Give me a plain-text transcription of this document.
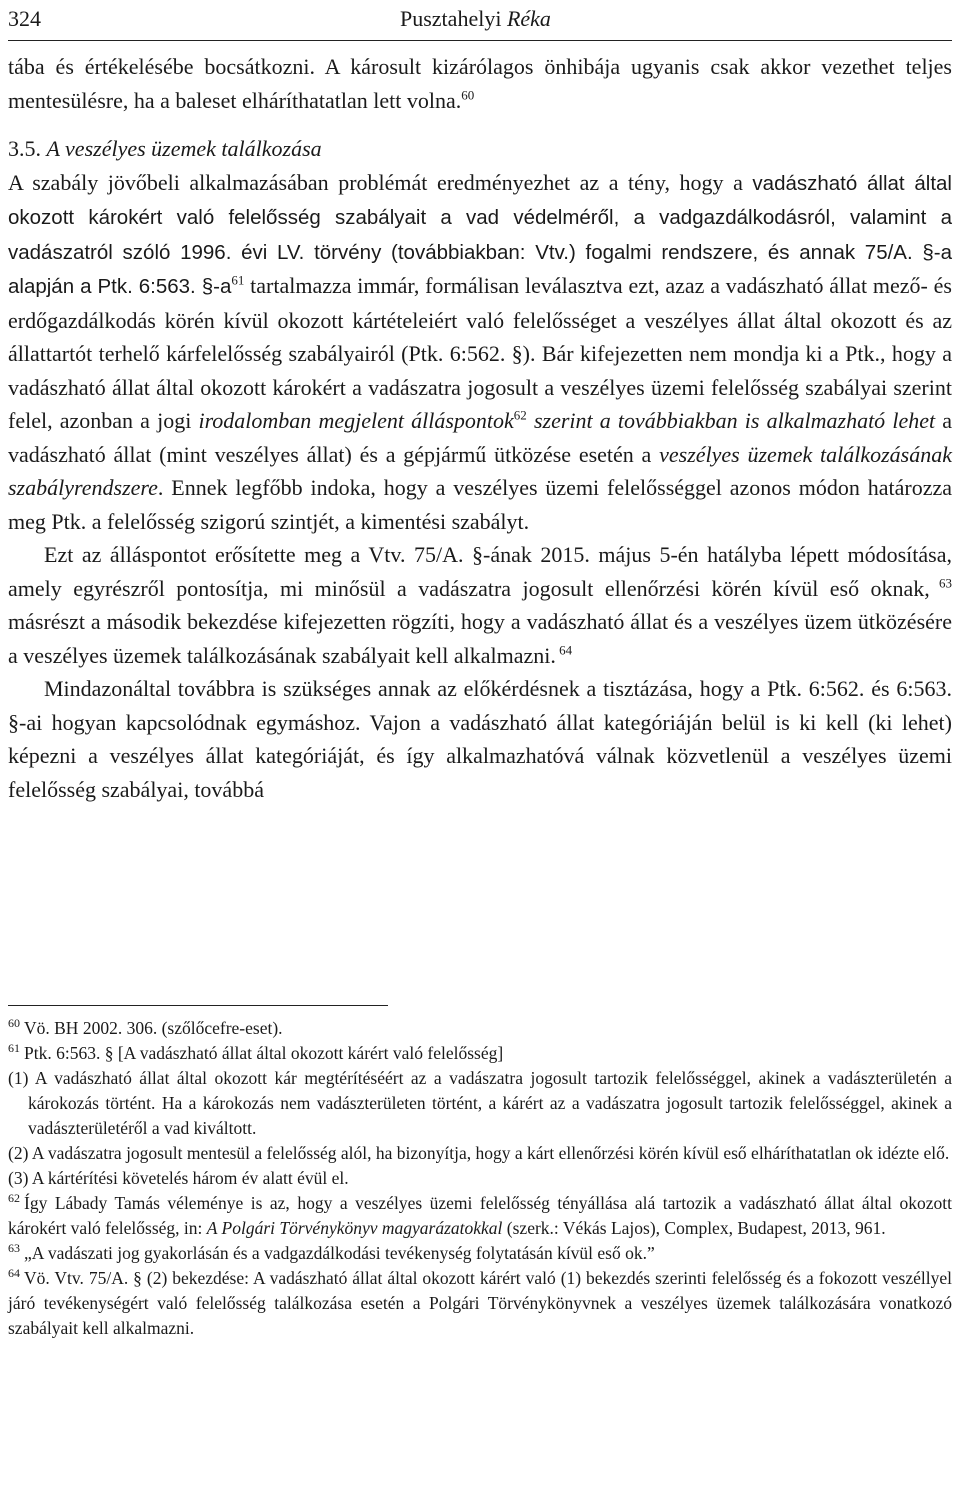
324	Pusztahelyi Réka

tába és értékelésébe bocsátkozni. A károsult kizárólagos önhibája ugyanis csak akkor vezethet teljes mentesülésre, ha a baleset elháríthatatlan lett volna.$^{60}$

3.5. A veszélyes üzemek találkozása

A szabály jövőbeli alkalmazásában problémát eredményezhet az a tény, hogy a vadászható állat által okozott károkért való felelősség szabályait a vad védelméről, a vadgazdálkodásról, valamint a vadászatról szóló 1996. évi LV. törvény (továbbiakban: Vtv.) fogalmi rendszere, és annak 75/A. §-a alapján a Ptk. 6:563. $\S-a^{61}$ tartalmazza immár, formálisan leválasztva ezt, azaz a vadászható állat mező- és erdőgazdálkodás körén kívül okozott kártételeiért való felelősséget a veszélyes állat által okozott és az állattartót terhelő kárfelelősség szabályairól (Ptk. 6:562. §). Bár kifejezetten nem mondja ki a Ptk., hogy a vadászható állat által okozott károkért a vadászatra jogosult a veszélyes üzemi felelősség szabályai szerint felel, azonban a jogi irodalomban megjelent álláspontok$^{62}$ szerint a továbbiakban is alkalmazható lehet a vadászható állat (mint veszélyes állat) és a gépjármű ütközése esetén a veszélyes üzemek találkozásának szabályrendszere. Ennek legfőbb indoka, hogy a veszélyes üzemi felelősséggel azonos módon határozza meg Ptk. a felelősség szigorú szintjét, a kimentési szabályt.

Ezt az álláspontot erősítette meg a Vtv. 75/A. §-ának 2015. május 5-én hatályba lépett módosítása, amely egyrészről pontosítja, mi minősül a vadászatra jogosult ellenőrzési körén kívül eső oknak, $^{63}$ másrészt a második bekezdése kifejezetten rögzíti, hogy a vadászható állat és a veszélyes üzem ütközésére a veszélyes üzemek találkozásának szabályait kell alkalmazni. $^{64}$

Mindazonáltal továbbra is szükséges annak az előkérdésnek a tisztázása, hogy a Ptk. 6:562. és 6:563. §-ai hogyan kapcsolódnak egymáshoz. Vajon a vadászható állat kategóriáján belül is ki kell (ki lehet) képezni a veszélyes állat kategóriáját, és így alkalmazhatóvá válnak közvetlenül a veszélyes üzemi felelősség szabályai, továbbá

$^{60}$ Vö. BH 2002. 306. (szőlőcefre-eset).

$^{61}$ Ptk. 6:563. § [A vadászható állat által okozott kárért való felelősség]

(1) A vadászható állat által okozott kár megtérítéséért az a vadászatra jogosult tartozik felelősséggel, akinek a vadászterületén a károkozás történt. Ha a károkozás nem vadászterületen történt, a kárért az a vadászatra jogosult tartozik felelősséggel, akinek a vadászterületéről a vad kiváltott.

(2) A vadászatra jogosult mentesül a felelősség alól, ha bizonyítja, hogy a kárt ellenőrzési körén kívül eső elháríthatatlan ok idézte elő.

(3) A kártérítési követelés három év alatt évül el.

$^{62}$ Így Lábady Tamás véleménye is az, hogy a veszélyes üzemi felelősség tényállása alá tartozik a vadászható állat által okozott károkért való felelősség, in: A Polgári Törvénykönyv magyarázatokkal (szerk.: Vékás Lajos), Complex, Budapest, 2013, 961.

$^{63}$ „A vadászati jog gyakorlásán és a vadgazdálkodási tevékenység folytatásán kívül eső ok.”

$^{64}$ Vö. Vtv. 75/A. § (2) bekezdése: A vadászható állat által okozott kárért való (1) bekezdés szerinti felelősség és a fokozott veszéllyel járó tevékenységért való felelősség találkozása esetén a Polgári Törvénykönyvnek a veszélyes üzemek találkozására vonatkozó szabályait kell alkalmazni.
